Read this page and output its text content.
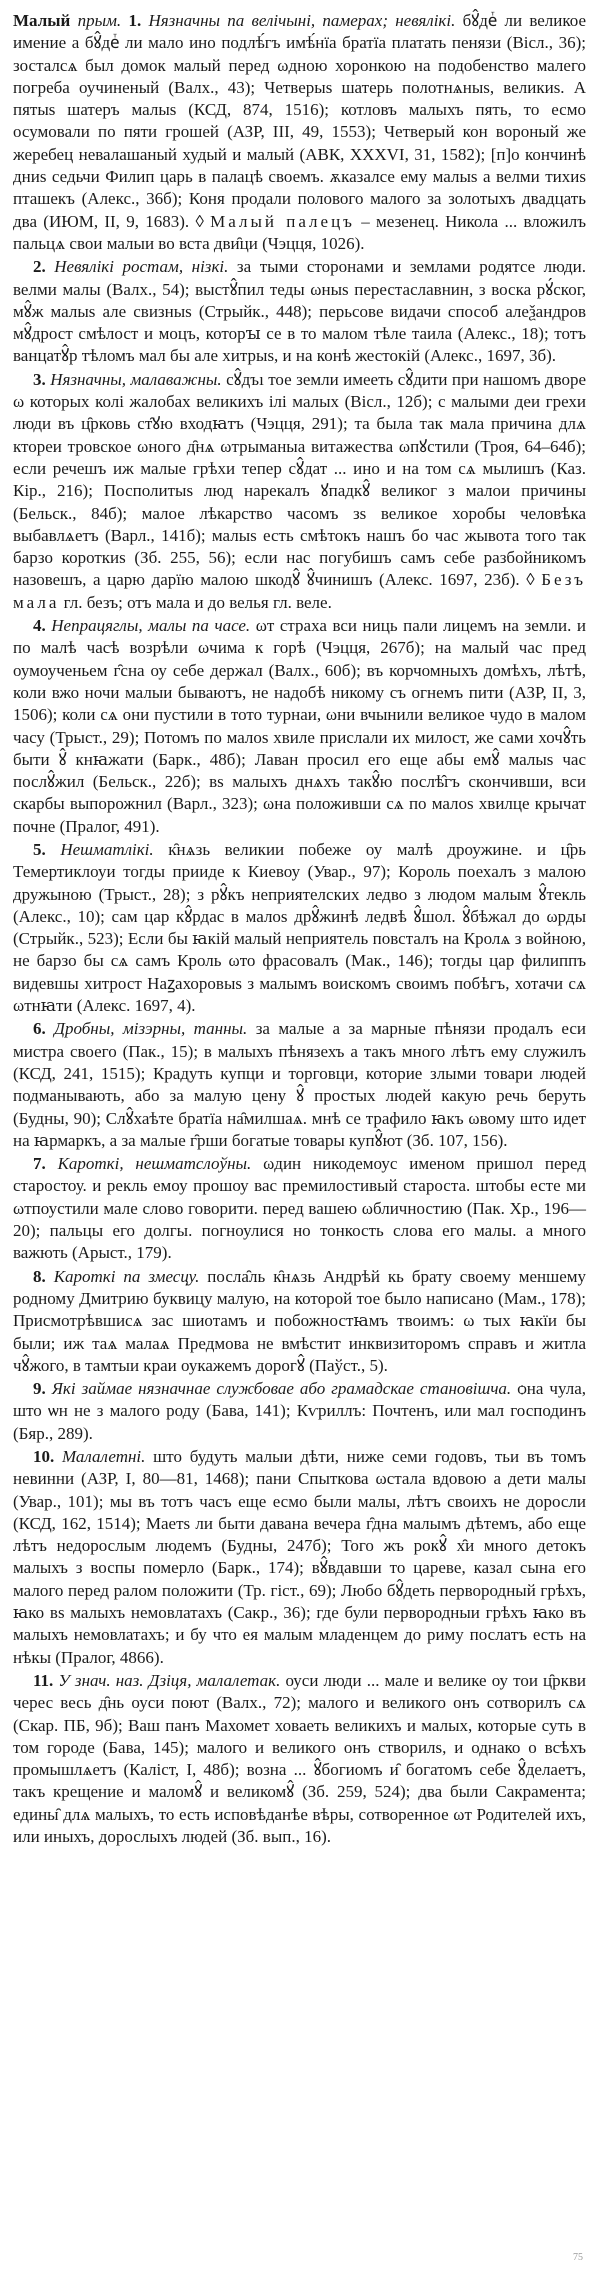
Малый прым. 1. Нязначны па велічыні, памерах; невялікі. бꙋ̂деⷮ ли великое имение а бꙋ̂деⷮ ли мало ино подлѣ́гъ имѣ́нїа братїа платать пенязи (Вісл., 36); зосталсѧ был домок малый перед ωдною хоронкою на подобенство малего погреба оучиненый (Валх., 43); Четверыѕ шатерь полотнѧныѕ, великиѕ. А пятыѕ шатеръ малыѕ (КСД, 874, 1516); котловъ малыхъ пять, то есмо осумовали по пяти грошей (АЗР, III, 49, 1553); Четверый кон вороный же жеребец невалашаный худый и малый (АВК, XXXVI, 31, 1582); [п]о кончинѣ дниѕ седьчи Филип царь в палацѣ своемъ. ѫказалсе ему малыѕ а велми тихиѕ пташекъ (Алекс., 36б); Коня продали полового малого за золотыхъ двадцать два (ИЮМ, II, 9, 1683). ◊ Малый палецъ – мезенец. Никола ... вложилъ пальцѧ свои малыи во вста дви̑ци (Чэцця, 1026).

2. Невялікі ростам, нізкі. за тыми сторонами и землами родятсе люди. велми малы (Валх., 54); выстꙋ̂пил теды ωныѕ перестаславнин, з воска рꙋ́ског, мꙋ̂ж малыѕ але свизныѕ (Стрыйк., 448); перьсове видачи способ алеѯандров мꙋ̂дрост смѣлост и моцъ, которꙑ се в то малом тѣле таила (Алекс., 18); тотъ ванцатꙋ̂р тѣломъ мал бы але хитрыѕ, и на конѣ жестокій (Алекс., 1697, 3б).

3. Нязначны, малаважны. сꙋ̂дъı тое земли имееть сꙋ̂дити при нашомъ дворе ω которых колі жалобах великихъ ілі малых (Вісл., 12б); с малыми деи грехи люди въ ц̑рковь ст̑ꙋю входꙗтъ (Чэцця, 291); та была так мала причина длѧ ктореи тровское ωного д̑нѧ ωтрыманыа витажества ωпꙋстили (Троя, 64–64б); если речешъ иж малые грѣхи тепер сꙋ̂дат ... ино и на том сѧ мылишъ (Каз. Кір., 216); Посполитыѕ люд нарекалъ ꙋпадкꙋ̂ великог з малои причины (Бельск., 84б); малое лѣкарство часомъ зѕ великое хоробы человѣка выбавлѧетъ (Варл., 141б); малыѕ есть смѣтокъ нашъ бо час жывота того так барзо короткиѕ (Зб. 255, 56); если нас погубишъ самъ себе разбойникомъ назовешъ, а царю дарїю малою шкодꙋ̂ ꙋ̂чинишъ (Алекс. 1697, 23б). ◊ Безъ мала гл. безъ; отъ мала и до велья гл. веле.

4. Непрацяглы, малы па часе. ωт страха вси ниць пали лицемъ на земли. и по малѣ часѣ возрѣли ωчима к горѣ (Чэцця, 267б); на малый час пред оумоученьем г̑сна оу себе держал (Валх., 60б); въ корчомныхъ домѣхъ, лѣтѣ, коли вжо ночи малыи бываютъ, не надобѣ никому съ огнемъ пити (АЗР, II, 3, 1506); коли сѧ они пустили в тото турнаи, ωни вчынили великое чудо в малом часу (Трыст., 29); Потомъ по малоѕ хвиле прислали их милост, же сами хочꙋ̂ть быти ꙋ̂ кнꙗжати (Барк., 48б); Лаван просил его еще абы емꙋ̂ малыѕ час послꙋ̂жил (Бельск., 22б); вѕ малыхъ днѧхъ такꙋ̂ю послѣ̂гъ скончивши, вси скарбы выпорожнил (Варл., 323); ωна положивши сѧ по малоѕ хвилце крычат почне (Пралог, 491).

5. Нешматлікі. к̑нѧзь великии побеже оу малѣ дроужине. и ц̑рь Темертиклоуи тогды прииде к Киевоу (Увар., 97); Король поехалъ з малою дружыною (Трыст., 28); з рꙋ̂къ неприятелских ледво з людом малым ꙋ̂текль (Алекс., 10); сам цар кꙋ̂рдас в малоѕ дрꙋ̂жинѣ ледвѣ ꙋ̂шол. ꙋ̂бѣжал до ωрды (Стрыйк., 523); Если бы ꙗкій малый неприятель повсталъ на Кролѧ з войною, не барзо бы сѧ самъ Кроль ωто фрасовалъ (Мак., 146); тогды цар филиппъ видевшы хитрост Наꙁахоровыѕ з малымъ воискомъ своимъ побѣгъ, хотачи сѧ ωтнꙗти (Алекс. 1697, 4).

6. Дробны, мізэрны, танны. за малые а за марные пѣнязи продалъ еси мистра своего (Пак., 15); в малыхъ пѣнязехъ а такъ много лѣтъ ему служилъ (КСД, 241, 1515); Крадуть купци и торговци, которие злыми товари людей подманывають, або за малую цену ꙋ̂ простых людей какую речь беруть (Будны, 90); Слꙋ̂хаѣте братїа на̑милшаѧ. мнѣ се трафило ꙗкъ ωвому што идет на ꙗрмаркъ, а за малые г̑рши богатые товары купꙋ̂ют (Зб. 107, 156).

7. Кароткі, нешматслоўны. ωдин никодемоус именом пришол перед старостоу. и рекль емоу прошоу вас премилостивый староста. штобы есте ми ωтпоустили мале слово говорити. перед вашею ωбличностию (Пак. Хр., 196—20); пальцы его долгы. погноулися но тонкость слова его малы. а много важють (Арыст., 179).

8. Кароткі па змесцу. посла̑ль к̑нѧзь Андрѣй кь брату своему меншему родному Дмитрию буквицу малую, на которой тое было написано (Мам., 178); Присмотрѣвшисѧ зас шиотамъ и побожностꙗмъ твоимъ: ω тых ꙗкїи бы были; иж таѧ малаѧ Предмова не вмѣстит инквизиторомъ справъ и житла чꙋ̂жого, в тамтыи краи оукажемъ дорогꙋ̂ (Паўст., 5).

9. Які займае нязначнае службовае або грамадскае становішча. ѻна чула, што ѡн не з малого роду (Бава, 141); Кѵриллъ: Почтенъ, или мал господинъ (Бяр., 289).

10. Малалетні. што будуть малыи дѣти, ниже семи годовъ, тьи въ томъ невинни (АЗР, I, 80—81, 1468); пани Спыткова ωстала вдовою а дети малы (Увар., 101); мы въ тотъ часъ еще есмо были малы, лѣтъ своихъ не доросли (КСД, 162, 1514); Маетѕ ли быти давана вечера г̑дна малымъ дѣтемъ, або еще лѣтъ недорослым людемъ (Будны, 247б); Того жъ рокꙋ̂ х̑и много детокъ малыхъ з воспы померло (Барк., 174); вꙋ̂вдавши то царевe, казал сына его малого перед ралом положити (Тр. гіст., 69); Любо бꙋ̂деть первородный грѣхъ, ꙗко вѕ малыхъ немовлатахъ (Сакр., 36); где були первородныи грѣхъ ꙗко въ малыхъ немовлатахъ; и бу что ея малым младенцем до риму послатъ есть на нѣкы (Пралог, 4866).

11. У знач. наз. Дзіця, малалетак. оуси люди ... мале и велике оу тои ц̑ркви черес весь д̑нь оуси поют (Валх., 72); малого и великого онъ сотворилъ сѧ (Скар. ПБ, 9б); Ваш панъ Махомет ховаеть великихъ и малых, которые суть в том городе (Бава, 145); малого и великого онъ створилѕ, и однако о всѣхъ промышлѧетъ (Калiст, I, 48б); возна ... ꙋ̂богиомъ и̑ богатомъ себе ꙋ̂делаетъ, такъ крещение и маломꙋ̂ и великомꙋ̂ (Зб. 259, 524); два были Сакрамента; едины̑ длѧ малыхъ, то есть исповѣданѣе вѣры, сотворенное ωт Родителей ихъ, или иныхъ, дорослыхъ людей (Зб. вып., 16).

75
